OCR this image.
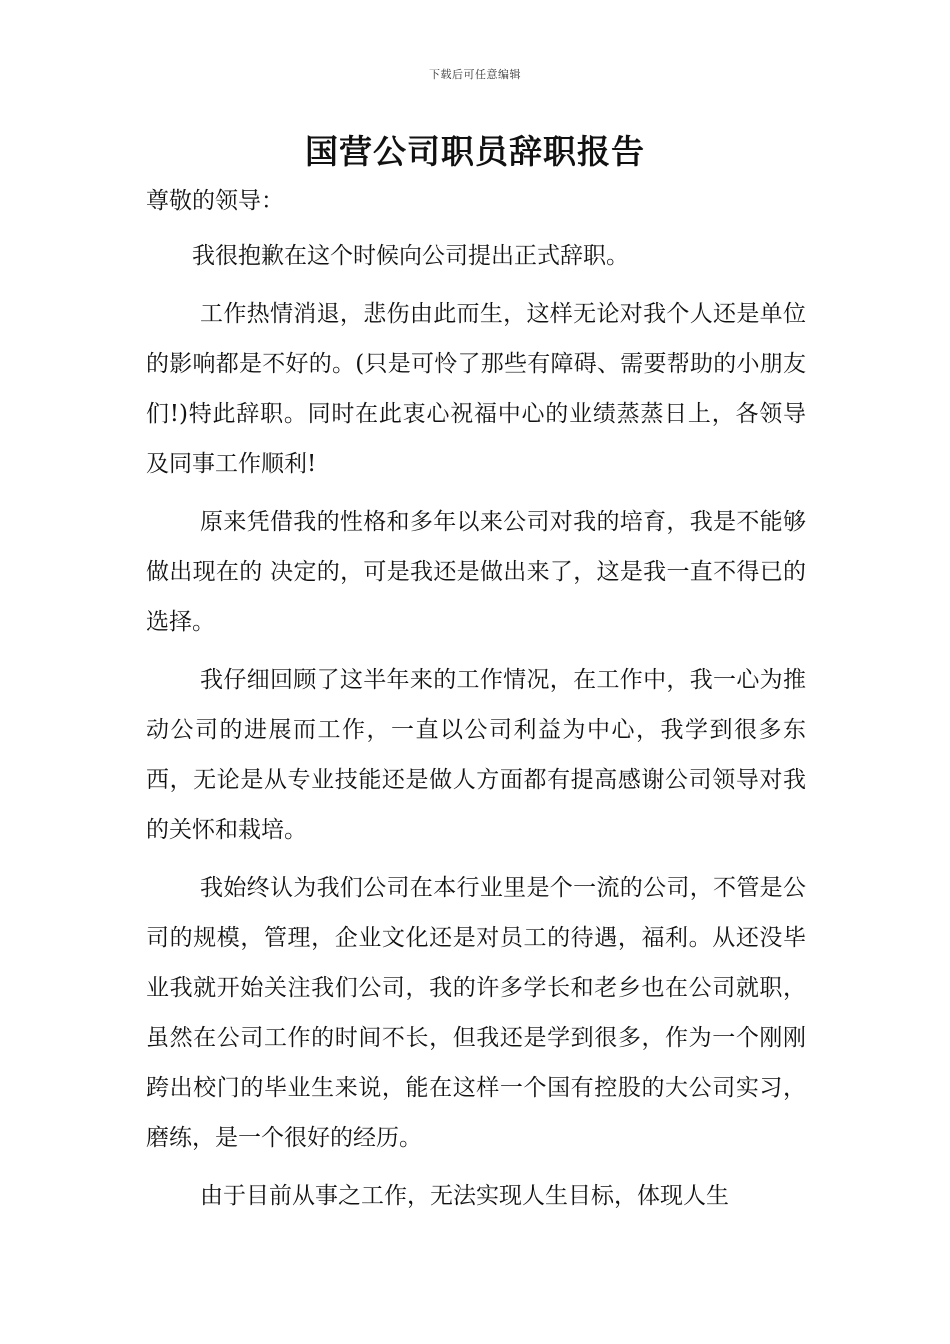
下载后可任意编辑
国营公司职员辞职报告

尊敬的领导：

我很抱歉在这个时候向公司提出正式辞职。

工作热情消退，悲伤由此而生，这样无论对我个人还是单位的影响都是不好的。(只是可怜了那些有障碍、需要帮助的小朋友们!)特此辞职。同时在此衷心祝福中心的业绩蒸蒸日上，各领导及同事工作顺利!

原来凭借我的性格和多年以来公司对我的培育，我是不能够做出现在的 决定的，可是我还是做出来了，这是我一直不得已的选择。

我仔细回顾了这半年来的工作情况，在工作中，我一心为推动公司的进展而工作，一直以公司利益为中心，我学到很多东西，无论是从专业技能还是做人方面都有提高感谢公司领导对我的关怀和栽培。

我始终认为我们公司在本行业里是个一流的公司，不管是公司的规模，管理，企业文化还是对员工的待遇，福利。从还没毕业我就开始关注我们公司，我的许多学长和老乡也在公司就职，虽然在公司工作的时间不长，但我还是学到很多，作为一个刚刚跨出校门的毕业生来说，能在这样一个国有控股的大公司实习，磨练，是一个很好的经历。

由于目前从事之工作，无法实现人生目标，体现人生
